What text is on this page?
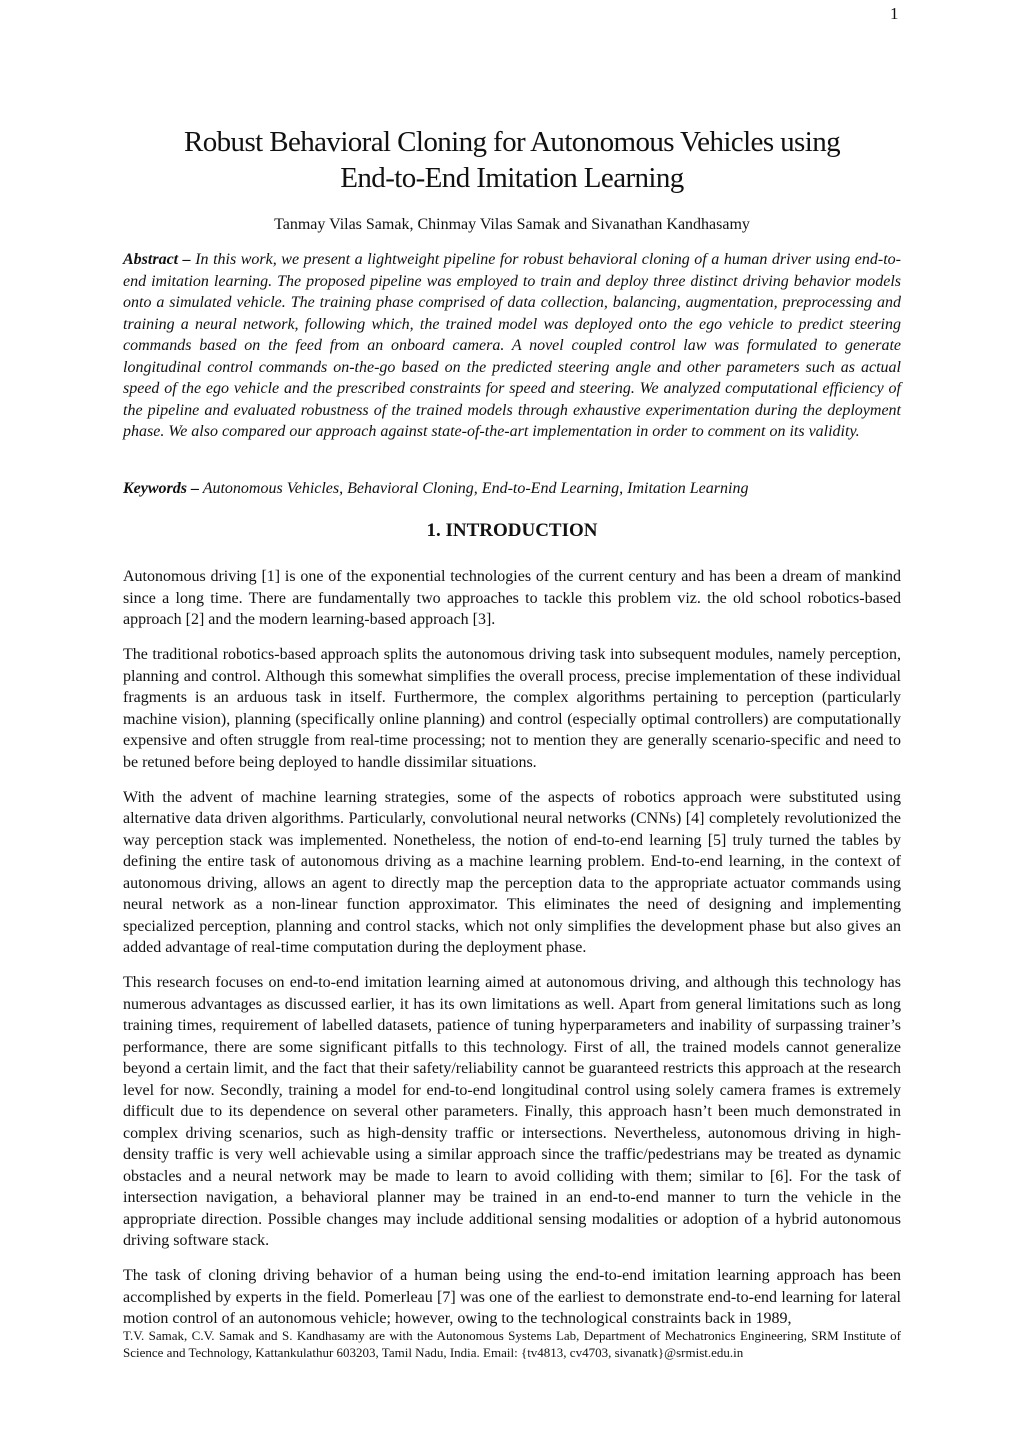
1
Robust Behavioral Cloning for Autonomous Vehicles using
End-to-End Imitation Learning
Tanmay Vilas Samak, Chinmay Vilas Samak and Sivanathan Kandhasamy
Abstract – In this work, we present a lightweight pipeline for robust behavioral cloning of a human driver using end-to-end imitation learning. The proposed pipeline was employed to train and deploy three distinct driving behavior models onto a simulated vehicle. The training phase comprised of data collection, balancing, augmentation, preprocessing and training a neural network, following which, the trained model was deployed onto the ego vehicle to predict steering commands based on the feed from an onboard camera. A novel coupled control law was formulated to generate longitudinal control commands on-the-go based on the predicted steering angle and other parameters such as actual speed of the ego vehicle and the prescribed constraints for speed and steering. We analyzed computational efficiency of the pipeline and evaluated robustness of the trained models through exhaustive experimentation during the deployment phase. We also compared our approach against state-of-the-art implementation in order to comment on its validity.
Keywords – Autonomous Vehicles, Behavioral Cloning, End-to-End Learning, Imitation Learning
1. INTRODUCTION

Autonomous driving [1] is one of the exponential technologies of the current century and has been a dream of mankind since a long time. There are fundamentally two approaches to tackle this problem viz. the old school robotics-based approach [2] and the modern learning-based approach [3].

The traditional robotics-based approach splits the autonomous driving task into subsequent modules, namely perception, planning and control. Although this somewhat simplifies the overall process, precise implementation of these individual fragments is an arduous task in itself. Furthermore, the complex algorithms pertaining to perception (particularly machine vision), planning (specifically online planning) and control (especially optimal controllers) are computationally expensive and often struggle from real-time processing; not to mention they are generally scenario-specific and need to be retuned before being deployed to handle dissimilar situations.

With the advent of machine learning strategies, some of the aspects of robotics approach were substituted using alternative data driven algorithms. Particularly, convolutional neural networks (CNNs) [4] completely revolutionized the way perception stack was implemented. Nonetheless, the notion of end-to-end learning [5] truly turned the tables by defining the entire task of autonomous driving as a machine learning problem. End-to-end learning, in the context of autonomous driving, allows an agent to directly map the perception data to the appropriate actuator commands using neural network as a non-linear function approximator. This eliminates the need of designing and implementing specialized perception, planning and control stacks, which not only simplifies the development phase but also gives an added advantage of real-time computation during the deployment phase.

This research focuses on end-to-end imitation learning aimed at autonomous driving, and although this technology has numerous advantages as discussed earlier, it has its own limitations as well. Apart from general limitations such as long training times, requirement of labelled datasets, patience of tuning hyperparameters and inability of surpassing trainer’s performance, there are some significant pitfalls to this technology. First of all, the trained models cannot generalize beyond a certain limit, and the fact that their safety/reliability cannot be guaranteed restricts this approach at the research level for now. Secondly, training a model for end-to-end longitudinal control using solely camera frames is extremely difficult due to its dependence on several other parameters. Finally, this approach hasn’t been much demonstrated in complex driving scenarios, such as high-density traffic or intersections. Nevertheless, autonomous driving in high-density traffic is very well achievable using a similar approach since the traffic/pedestrians may be treated as dynamic obstacles and a neural network may be made to learn to avoid colliding with them; similar to [6]. For the task of intersection navigation, a behavioral planner may be trained in an end-to-end manner to turn the vehicle in the appropriate direction. Possible changes may include additional sensing modalities or adoption of a hybrid autonomous driving software stack.

The task of cloning driving behavior of a human being using the end-to-end imitation learning approach has been accomplished by experts in the field. Pomerleau [7] was one of the earliest to demonstrate end-to-end learning for lateral motion control of an autonomous vehicle; however, owing to the technological constraints back in 1989,

T.V. Samak, C.V. Samak and S. Kandhasamy are with the Autonomous Systems Lab, Department of Mechatronics Engineering, SRM Institute of Science and Technology, Kattankulathur 603203, Tamil Nadu, India. Email: {tv4813, cv4703, sivanatk}@srmist.edu.in
